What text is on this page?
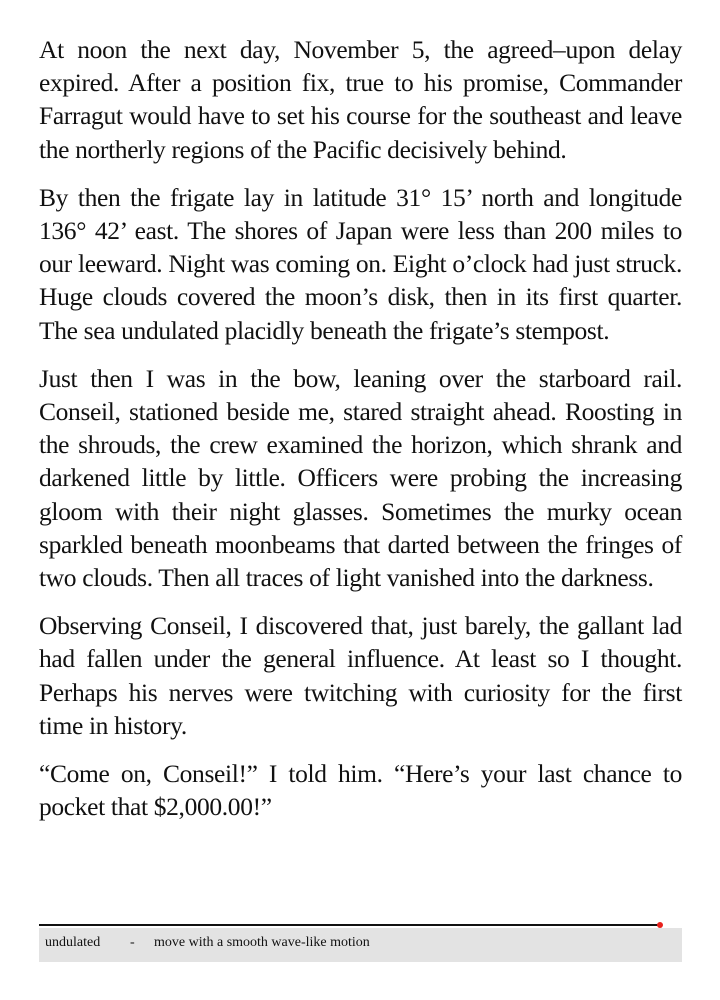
At noon the next day, November 5, the agreed–upon delay expired. After a position fix, true to his promise, Commander Farragut would have to set his course for the southeast and leave the northerly regions of the Pacific decisively behind.

By then the frigate lay in latitude 31° 15’ north and longitude 136° 42’ east. The shores of Japan were less than 200 miles to our leeward. Night was coming on. Eight o’clock had just struck. Huge clouds covered the moon’s disk, then in its first quarter. The sea undulated placidly beneath the frigate’s stempost.

Just then I was in the bow, leaning over the starboard rail. Conseil, stationed beside me, stared straight ahead. Roosting in the shrouds, the crew examined the horizon, which shrank and darkened little by little. Officers were probing the increasing gloom with their night glasses. Sometimes the murky ocean sparkled beneath moonbeams that darted between the fringes of two clouds. Then all traces of light vanished into the darkness.

Observing Conseil, I discovered that, just barely, the gallant lad had fallen under the general influence. At least so I thought. Perhaps his nerves were twitching with curiosity for the first time in history.

“Come on, Conseil!” I told him. “Here’s your last chance to pocket that $2,000.00!”

undulated - move with a smooth wave-like motion
